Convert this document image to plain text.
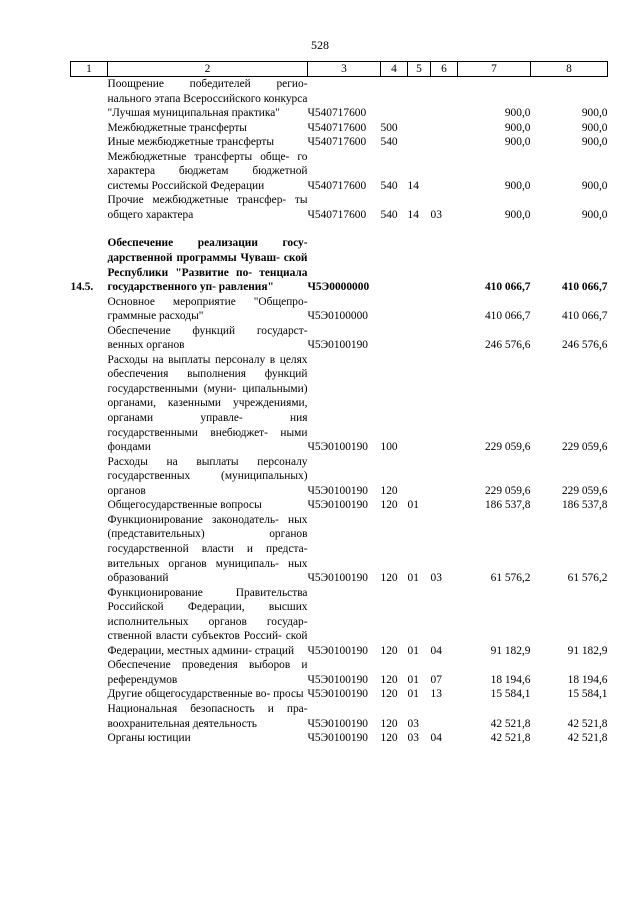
528
1	2	3	4	5	6	7	8
	Поощрение победителей регио- нального этапа Всероссийского конкурса "Лучшая муниципальная практика"	Ч540717600				900,0	900,0
	Межбюджетные трансферты	Ч540717600	500			900,0	900,0
	Иные межбюджетные трансферты	Ч540717600	540			900,0	900,0
	Межбюджетные трансферты обще- го характера бюджетам бюджетной системы Российской Федерации	Ч540717600	540	14		900,0	900,0
	Прочие межбюджетные трансфер- ты общего характера	Ч540717600	540	14	03	900,0	900,0

14.5.	Обеспечение реализации госу- дарственной программы Чуваш- ской Республики "Развитие по- тенциала государственного уп- равления"	Ч5Э0000000				410 066,7	410 066,7
	Основное мероприятие "Общепро- граммные расходы"	Ч5Э0100000				410 066,7	410 066,7
	Обеспечение функций государст- венных органов	Ч5Э0100190				246 576,6	246 576,6
	Расходы на выплаты персоналу в целях обеспечения выполнения функций государственными (муни- ципальными) органами, казенными учреждениями, органами управле- ния государственными внебюджет- ными фондами	Ч5Э0100190	100			229 059,6	229 059,6
	Расходы на выплаты персоналу государственных (муниципальных) органов	Ч5Э0100190	120			229 059,6	229 059,6
	Общегосударственные вопросы	Ч5Э0100190	120	01		186 537,8	186 537,8
	Функционирование законодатель- ных (представительных) органов государственной власти и предста- вительных органов муниципаль- ных образований	Ч5Э0100190	120	01	03	61 576,2	61 576,2
	Функционирование Правительства Российской Федерации, высших исполнительных органов государ- ственной власти субъектов Россий- ской Федерации, местных админи- страций	Ч5Э0100190	120	01	04	91 182,9	91 182,9
	Обеспечение проведения выборов и референдумов	Ч5Э0100190	120	01	07	18 194,6	18 194,6
	Другие общегосударственные во- просы	Ч5Э0100190	120	01	13	15 584,1	15 584,1
	Национальная безопасность и пра- воохранительная деятельность	Ч5Э0100190	120	03		42 521,8	42 521,8
	Органы юстиции	Ч5Э0100190	120	03	04	42 521,8	42 521,8
